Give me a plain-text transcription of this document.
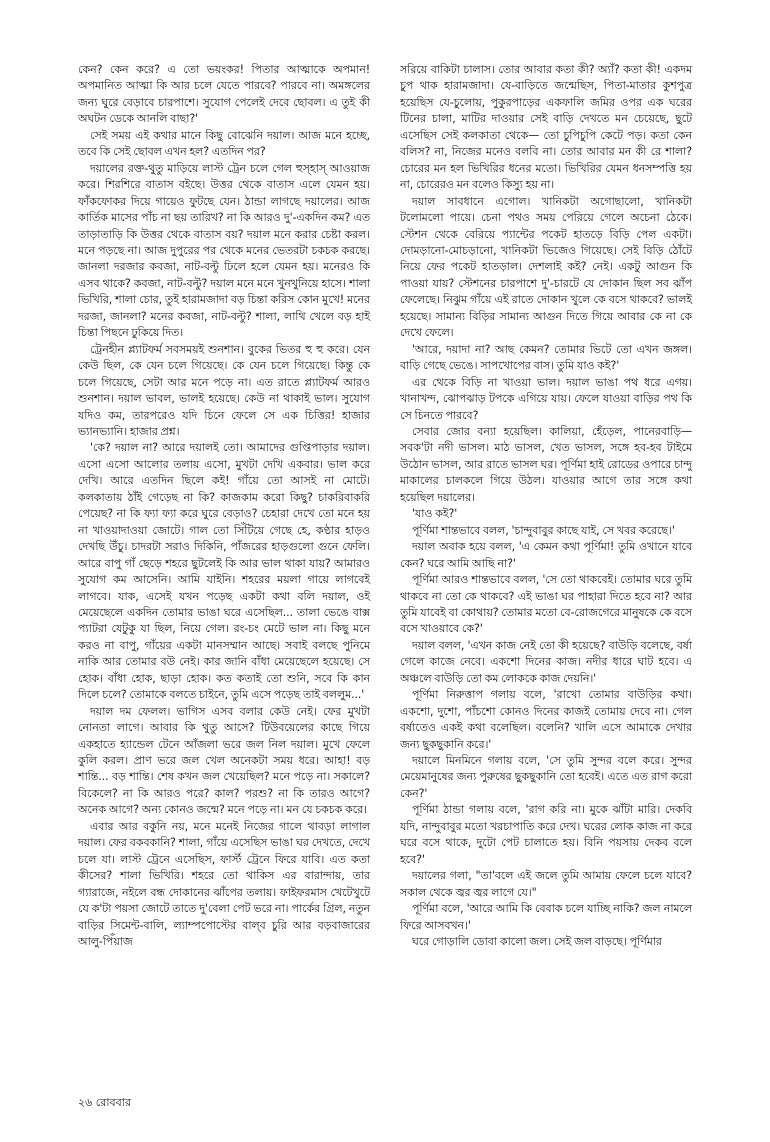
কেন? কেন করে? এ তো ভয়ংকর! পিতার আত্মাকে অপমান! অপমানিত আত্মা কি আর চলে যেতে পারবে? পারবে না। অমঙ্গলের জন্য ঘুরে বেড়াবে চারপাশে। সুযোগ পেলেই দেবে ছোবল। এ তুই কী অঘটন ডেকে আনলি বাছা?'

সেই সময় এই কথার মানে কিছু বোঝেনি দয়াল। আজ মনে হচ্ছে, তবে কি সেই ছোবল এখন হল? এতদিন পর?

দয়ালের রক্ত-থুতু মাড়িয়ে লাস্ট ট্রেন চলে গেল হুস্‌হাস্‌ আওয়াজ করে। শিরশিরে বাতাস বইছে। উত্তর থেকে বাতাস এলে যেমন হয়। ফাঁকফোকর দিয়ে গায়েও ফুটছে যেন। ঠান্ডা লাগছে দয়ালের। আজ কার্তিক মাসের পাঁচ না ছয় তারিখ? না কি আরও দু'-একদিন কম? এত তাড়াতাড়ি কি উত্তর থেকে বাতাস বয়? দয়াল মনে করার চেষ্টা করল। মনে পড়ছে না। আজ দুপুরের পর থেকে মনের ভেতরটা চকচক করছে। জানলা দরজার কবজা, নাট-বল্টু ঢিলে হলে যেমন হয়। মনেরও কি এসব থাকে? কবজা, নাট-বল্টু? দয়াল মনে মনে খুনখুনিয়ে হাসে। শালা ভিখিরি, শালা চোর, তুই হারামজাদা বড় চিন্তা করিস কোন মুখে! মনের দরজা, জানলা? মনের কবজা, নাট-বল্টু? শালা, লাথি খেলে বড় হাই চিন্তা পিছনে ঢুকিয়ে দিত।

ট্রেনহীন প্ল্যাটফর্ম সবসময়ই শুনশান। বুকের ভিতর হু হু করে। যেন কেউ ছিল, কে যেন চলে গিয়েছে। কে যেন চলে গিয়েছে। কিন্তু কে চলে গিয়েছে, সেটা আর মনে পড়ে না। এত রাতে প্ল্যাটফর্ম আরও শুনশান। দয়াল ভাবল, ভালই হয়েছে। কেউ না থাকাই ভাল। সুযোগ যদিও কম, তারপরেও যদি চিনে ফেলে সে এক চিত্তির! হাজার ভ্যানভ্যানি। হাজার প্রশ্ন।

'কে? দয়াল না? আরে দয়ালই তো। আমাদের গুপ্তিপাড়ার দয়াল। এসো এসো আলোর তলায় এসো, মুখটা দেখি একবার। ভাল করে দেখি। আরে এতদিন ছিলে কই! গাঁয়ে তো আসই না মোটে। কলকাতায় ঠাঁই গেড়েছ না কি? কাজকাম করো কিছু? চাকরিবাকরি পেয়েছ? না কি ফ্যা ফ্যা করে ঘুরে বেড়াও? চেহারা দেখে তো মনে হয় না খাওয়াদাওয়া জোটে। গাল তো সিঁটিয়ে গেছে হে, কণ্ঠার হাড়ও দেখছি উঁচু। চাদরটা সরাও দিকিনি, পাঁজরের হাড়গুলো গুনে ফেলি। আরে বাপু গাঁ ছেড়ে শহরে ছুটলেই কি আর ভাল থাকা যায়? আমারও সুযোগ কম আসেনি। আমি যাইনি। শহরের ময়লা গায়ে লাগবেই লাগবে। যাক, এসেই যখন পড়েছ একটা কথা বলি দয়াল, ওই মেয়েছেলে একদিন তোমার ভাঙা ঘরে এসেছিল... তালা ভেঙে বাক্স প্যাটরা যেটুকু যা ছিল, নিয়ে গেল। রং-চং মেটে ভাল না। কিছু মনে করও না বাপু, গাঁয়ের একটা মানসম্মান আছে। সবাই বলছে পুনিমে নাকি আর তোমার বউ নেই। কার জানি বাঁধা মেয়েছেলে হয়েছে। সে হোক। বাঁধা হোক, ছাড়া হোক। কত কতাই তো শুনি, সবে কি কান দিলে চলে? তোমাকে বলতে চাইনে, তুমি এসে পড়েছ তাই বললুম...'

দয়াল দম ফেলল। ভাগিস এসব বলার কেউ নেই। ফের মুখটা নোনতা লাগে। আবার কি থুতু আসে? টিউবয়েলের কাছে গিয়ে একহাতে হ্যান্ডেল টেনে আঁজলা ভরে জল নিল দয়াল। মুখে ফেলে কুলি করল। প্রাণ ভরে জল খেল অনেকটা সময় ধরে। আহা! বড় শান্তি... বড় শান্তি। শেষ কখন জল খেয়েছিল? মনে পড়ে না। সকালে? বিকেলে? না কি আরও পরে? কাল? পরশু? না কি তারও আগে? অনেক আগে? অন্য কোনও জন্মে? মনে পড়ে না। মন যে চকচক করে।

এবার আর বকুনি নয়, মনে মনেই নিজের গালে থাবড়া লাগাল দয়াল। ফের বকবকানি? শালা, গাঁয়ে এসেছিস ভাঙা ঘর দেখতে, দেখে চলে যা। লাস্ট ট্রেনে এসেছিস, ফার্স্ট ট্রেনে ফিরে যাবি। এত কতা কীসের? শালা ভিখিরি। শহরে তো থাকিস এর বারান্দায়, তার গ্যারাজে, নইলে বন্ধ দোকানের ঝাঁপের তলায়। ফাইফরমাস খেটেখুটে যে ক'টা পয়সা জোটে তাতে দু'বেলা পেট ভরে না। পার্কের গ্রিল, নতুন বাড়ির সিমেন্ট-বালি, ল্যাম্পপোস্টের বাল্‌ব চুরি আর বড়বাজারের আলু-পিঁয়াজ

সরিয়ে বাকিটা চালাস। তোর আবার কতা কী? অ্যাঁ? কতা কী! একদম চুপ থাক হারামজাদা। যে-বাড়িতে জন্মেছিস, পিতা-মাতার কুশপুত্র হয়েছিস যে-চুলোয়, পুকুরপাড়ের একফালি জমির ওপর এক ঘরের টিনের চালা, মাটির দাওয়ার সেই বাড়ি দেখতে মন চেয়েছে, ছুটে এসেছিস সেই কলকাতা থেকে— তো চুপিচুপি কেটে পড়। কতা কেন বলিস? না, নিজের মনেও বলবি না। তোর আবার মন কী রে শালা? চোরের মন হল ভিখিরির ধনের মতো। ভিখিরির যেমন ধনসম্পত্তি হয় না, চোরেরও মন বলেও কিস্যু হয় না।

দয়াল সাবধানে এগোল। খানিকটা অগোছালো, খানিকটা টলোমলো পায়ে। চেনা পথও সময় পেরিয়ে গেলে অচেনা ঠেকে। স্টেশন থেকে বেরিয়ে প্যান্টের পকেট হাতড়ে বিড়ি পেল একটা। দোমড়ানো-মোচড়ানো, খানিকটা ভিজেও গিয়েছে। সেই বিড়ি ঠোঁটে নিয়ে ফের পকেট হাতড়াল। দেশলাই কই? নেই। একটু আগুন কি পাওয়া যায়? স্টেশনের চারপাশে দু'-চারটে যে দোকান ছিল সব ঝাঁপ ফেলেছে। নিঝুম গাঁয়ে এই রাতে দোকান খুলে কে বসে থাকবে? ভালই হয়েছে। সামান্য বিড়ির সামান্য আগুন দিতে গিয়ে আবার কে না কে দেখে ফেলে।

'আরে, দয়াদা না? আছ কেমন? তোমার ভিটে তো এখন জঙ্গল। বাড়ি গেছে ভেঙে। সাপখোপের বাস। তুমি যাও কই?'

এর থেকে বিড়ি না খাওয়া ভাল। দয়াল ভাঙা পথ ধরে এগয়। খানাখন্দ, ঝোপঝাড় টপকে এগিয়ে যায়। ফেলে যাওয়া বাড়ির পথ কি সে চিনতে পারবে?

সেবার জোর বন্যা হয়েছিল। কালিয়া, হেঁড়েল, পানেরবাড়ি— সবক'টা নদী ভাসল। মাঠ ভাসল, খেত ভাসল, সঙ্গে হব-হব টাইমে উঠোন ভাসল, আর রাতে ভাসল ঘর। পূর্ণিমা হাই রোডের ওপারে চান্দু মাকালের চালকলে গিয়ে উঠল। যাওয়ার আগে তার সঙ্গে কথা হয়েছিল দয়ালের।

'যাও কই?'

পূর্ণিমা শান্তভাবে বলল, 'চান্দুবাবুর কাছে যাই, সে খবর করেছে।'

দয়াল অবাক হয়ে বলল, 'এ কেমন কথা পূর্ণিমা! তুমি ওখানে যাবে কেন? ঘরে আমি আছি না?'

পূর্ণিমা আরও শান্তভাবে বলল, 'সে তো থাকবেই। তোমার ঘরে তুমি থাকবে না তো কে থাকবে? এই ভাঙা ঘর পাহারা দিতে হবে না? আর তুমি যাবেই বা কোথায়? তোমার মতো বে-রোজগেরে মানুষকে কে বসে বসে খাওয়াবে কে?'

দয়াল বলল, 'এখন কাজ নেই তো কী হয়েছে? বাউড়ি বলেছে, বর্ষা গেলে কাজে নেবে। একশো দিনের কাজ। নদীর ধারে ঘাট হবে। এ অঞ্চলে বাউড়ি তো কম লোককে কাজ দেয়নি।'

পূর্ণিমা নিরুত্তাপ গলায় বলে, 'রাখো তোমার বাউড়ির কথা। একশো, দুশো, পাঁচশো কোনও দিনের কাজই তোমায় দেবে না। গেল বর্ষাতেও একই কথা বলেছিল। বলেনি? খালি এসে আমাকে দেখার জন্য ছুকছুকানি করে।'

দয়ালে মিনমিনে গলায় বলে, 'সে তুমি সুন্দর বলে করে। সুন্দর মেয়েমানুষের জন্য পুরুষের ছুকছুকানি তো হবেই। এতে এত রাগ করো কেন?'

পূর্ণিমা ঠান্ডা গলায় বলে, 'রাগ করি না। মুকে ঝাঁটা মারি। দেকবি যদি, নান্দুবাবুর মতো খরচাপাতি করে দেখ। ঘরের লোক কাজ না করে ঘরে বসে থাকে, দুটো পেট চালাতে হয়। বিনি পয়সায় দেকব বলে হবে?'

দয়ালের গলা, "তা'বলে এই জলে তুমি আমায় ফেলে চলে যাবে? সকাল থেকে জ্বর জ্বর লাগে যে।"

পূর্ণিমা বলে, 'আরে আমি কি বেবাক চলে যাচ্ছি নাকি? জল নামলে ফিরে আসবখন।'

ঘরে গোড়ালি ডোবা কালো জল। সেই জল বাড়ছে। পূর্ণিমার

২৬ রোববার
